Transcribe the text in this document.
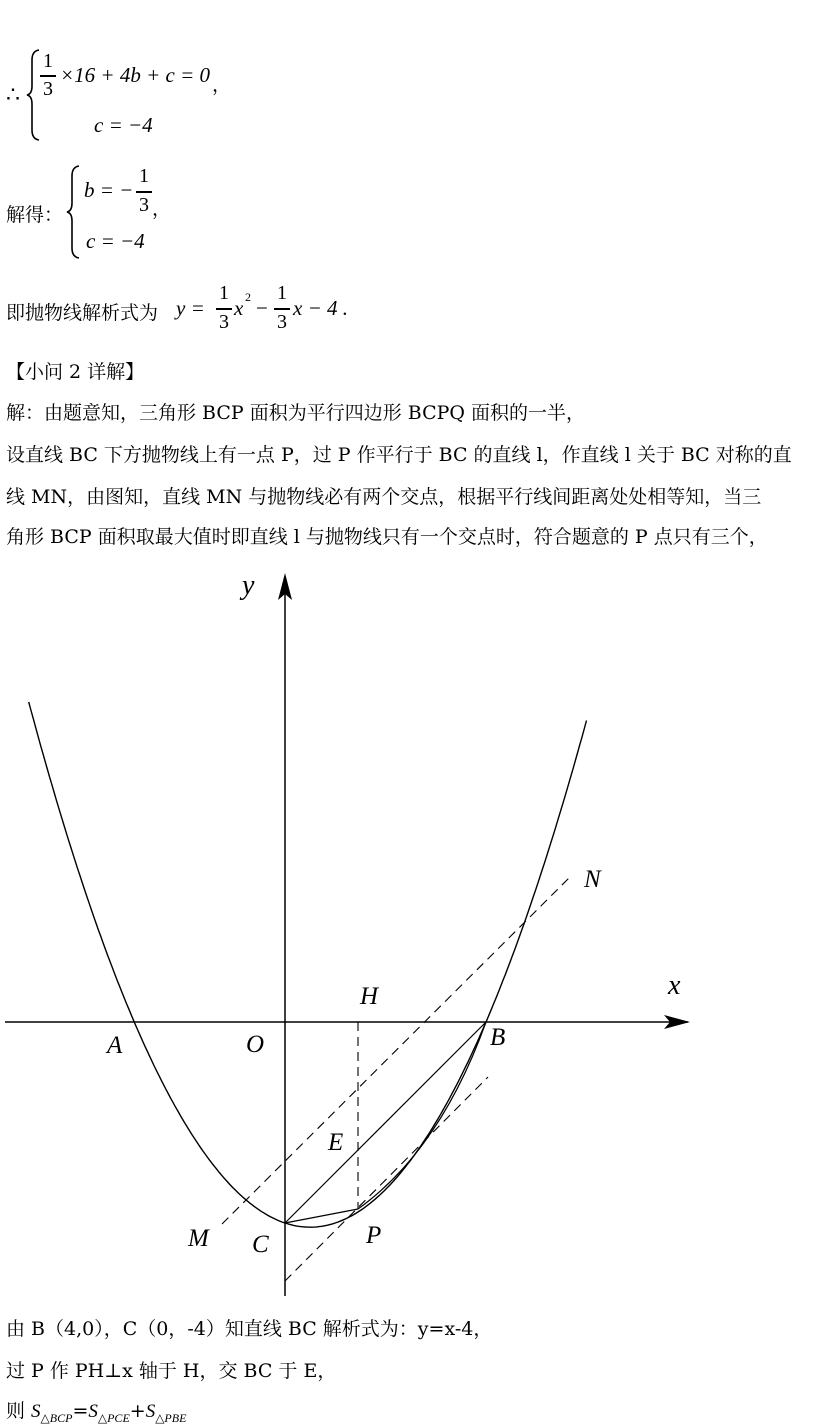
∴
1
3
×16 + 4b + c = 0 ，
c = −4
解得：
b = −
1
3 ，
c = −4
即抛物线解析式为 y =
1
3
x 2 −
1
3
x − 4 .
【小问 2 详解】
解：由题意知，三角形 BCP 面积为平行四边形 BCPQ 面积的一半，
设直线 BC 下方抛物线上有一点 P，过 P 作平行于 BC 的直线 l，作直线 l 关于 BC 对称的直
线 MN，由图知，直线 MN 与抛物线必有两个交点，根据平行线间距离处处相等知，当三
角形 BCP 面积取最大值时即直线 l 与抛物线只有一个交点时，符合题意的 P 点只有三个，
y
x
N
H
A	O	B
E
M C	P
由 B（4,0），C（0，-4）知直线 BC 解析式为：y=x-4，
过 P 作 PH⊥x 轴于 H，交 BC 于 E，
则 $S_{\triangle BCP}=S_{\triangle PCE}+S_{\triangle PBE}$
